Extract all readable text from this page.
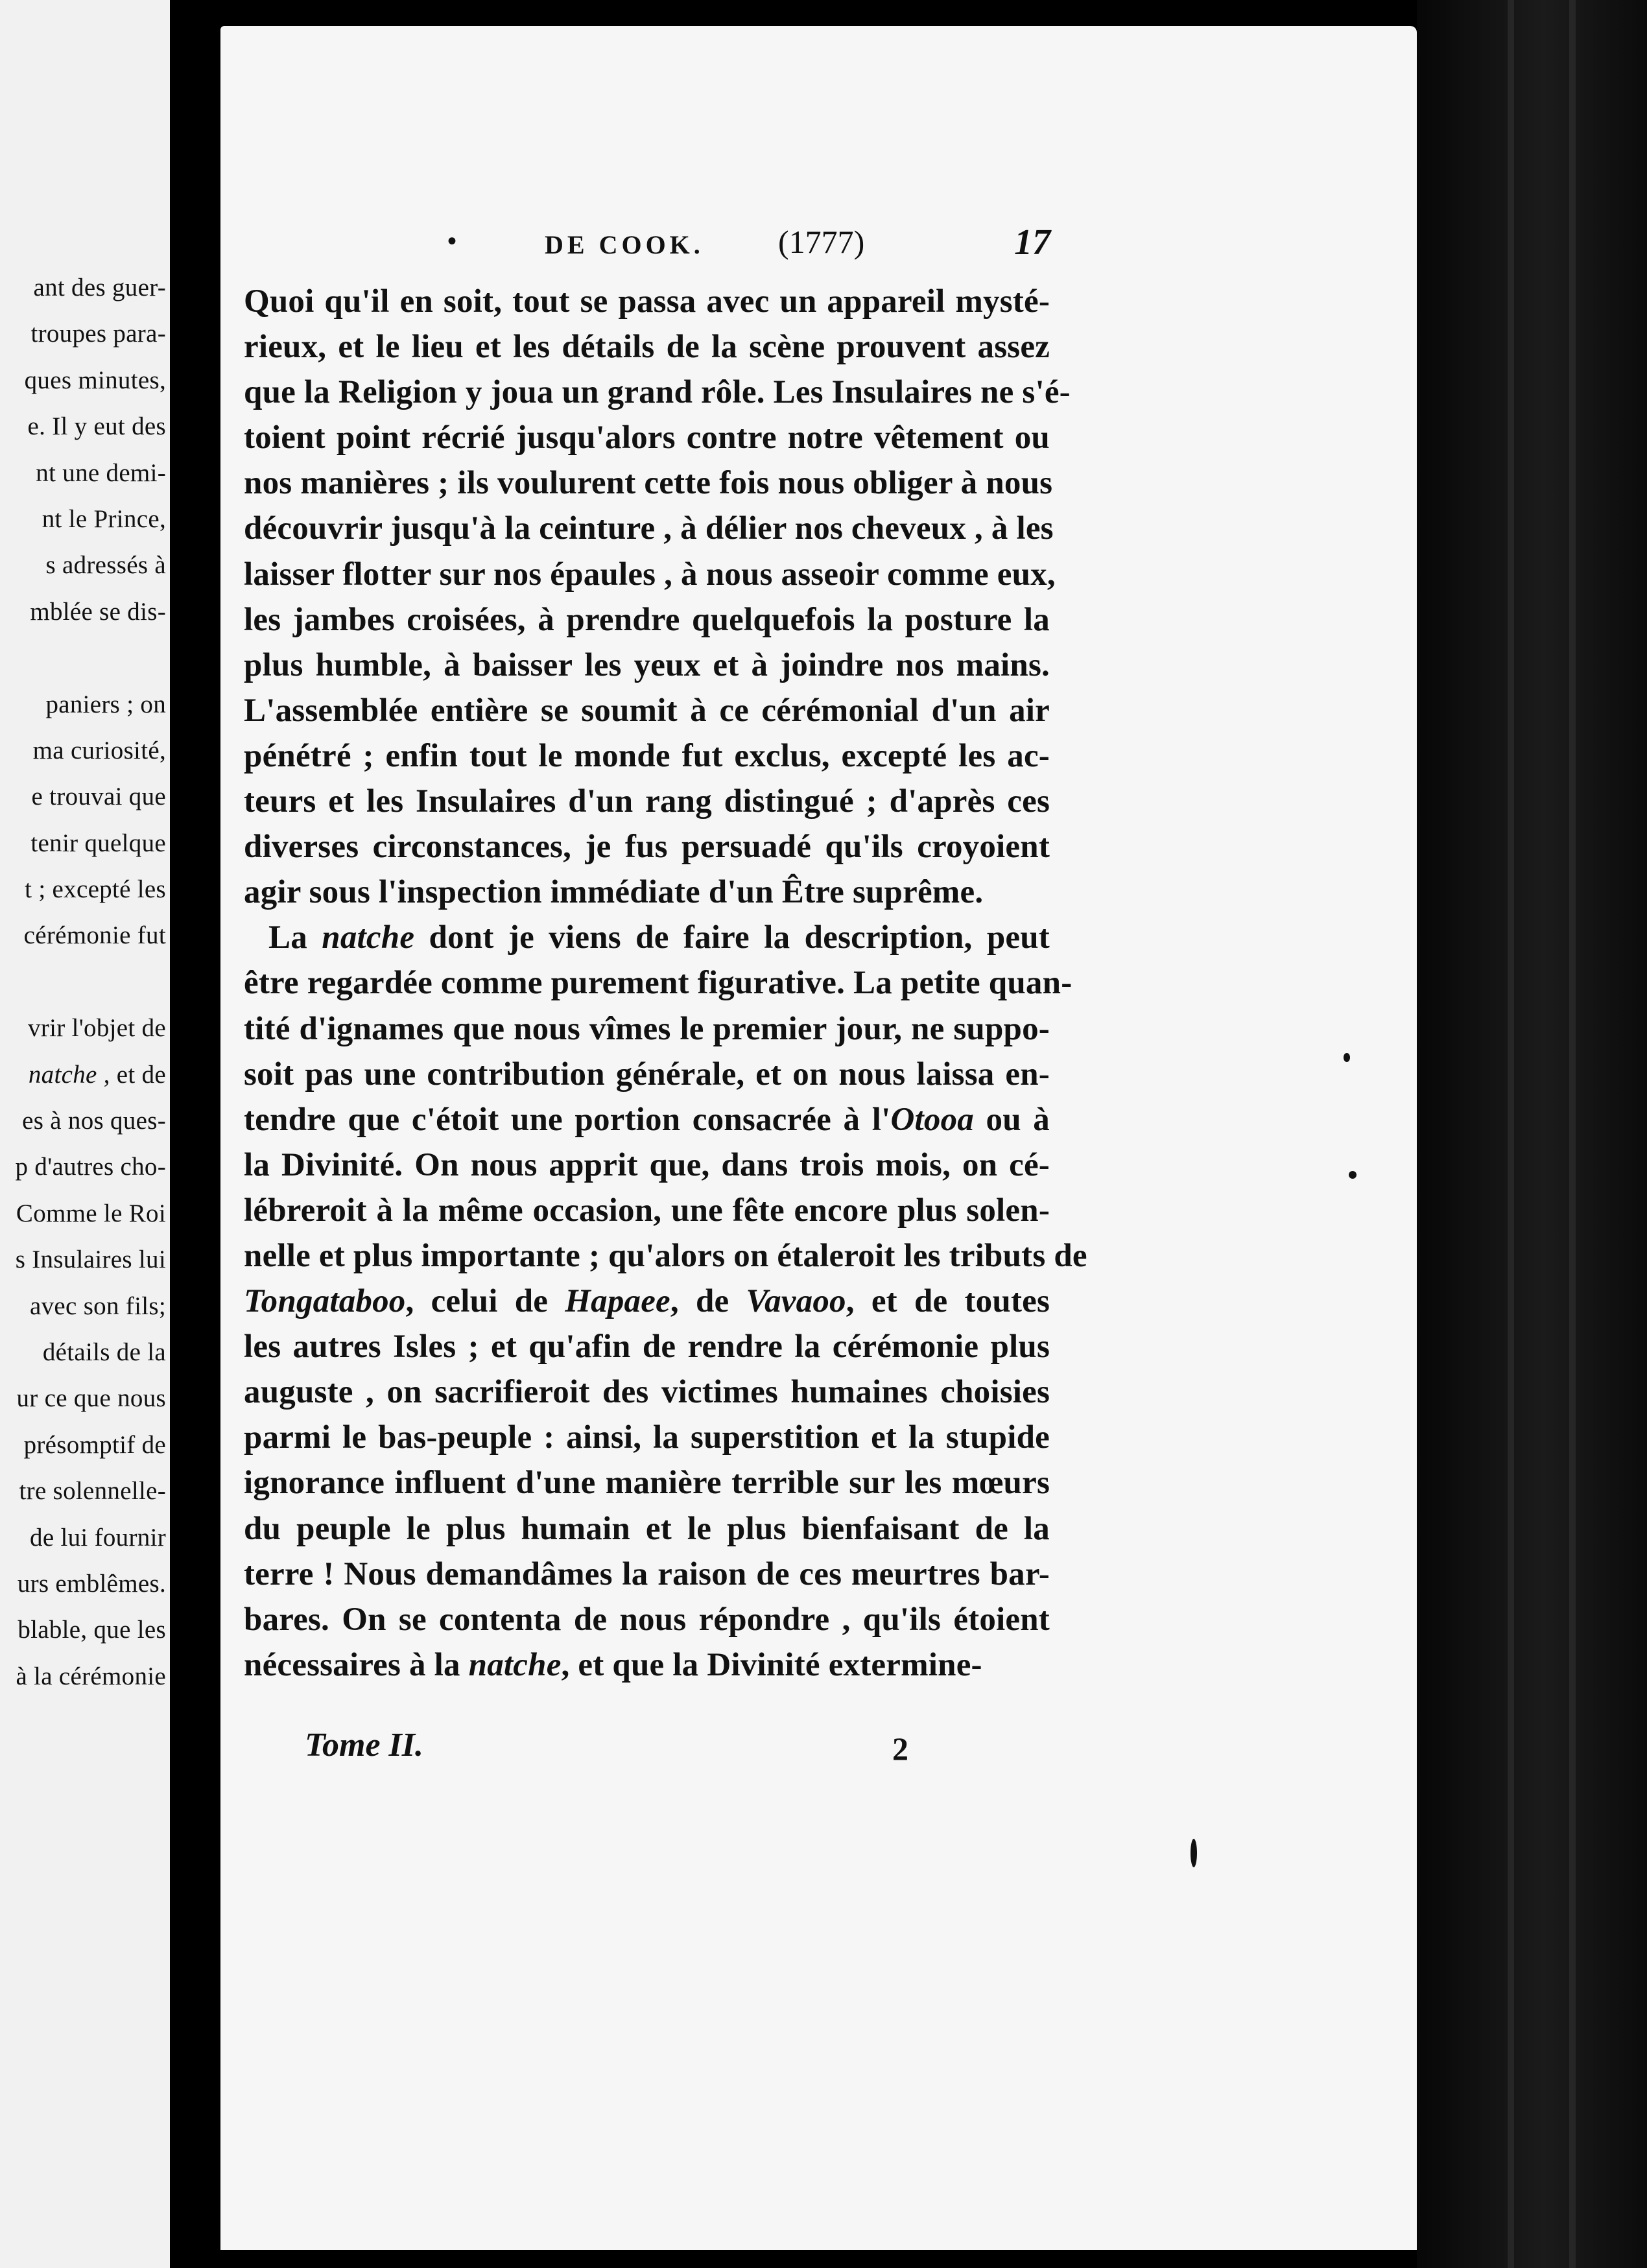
ant des guer-
troupes para-
ques minutes,
e. Il y eut des
nt une demi-
nt le Prince,
s adressés à
mblée se dis-
paniers ; on
ma curiosité,
e trouvai que
tenir quelque
t ; excepté les
cérémonie fut
vrir l'objet de
natche , et de
es à nos ques-
p d'autres cho-
Comme le Roi
s Insulaires lui
avec son fils;
détails de la
ur ce que nous
présomptif de
tre solennelle-
de lui fournir
urs emblêmes.
blable, que les
à la cérémonie
•	DE COOK. (1777)	17
Quoi qu'il en soit, tout se passa avec un appareil mysté-
rieux, et le lieu et les détails de la scène prouvent assez
que la Religion y joua un grand rôle. Les Insulaires ne s'é-
toient point récrié jusqu'alors contre notre vêtement ou
nos manières ; ils voulurent cette fois nous obliger à nous
découvrir jusqu'à la ceinture , à délier nos cheveux , à les
laisser flotter sur nos épaules , à nous asseoir comme eux,
les jambes croisées, à prendre quelquefois la posture la
plus humble, à baisser les yeux et à joindre nos mains.
L'assemblée entière se soumit à ce cérémonial d'un air
pénétré ; enfin tout le monde fut exclus, excepté les ac-
teurs et les Insulaires d'un rang distingué ; d'après ces
diverses circonstances, je fus persuadé qu'ils croyoient
agir sous l'inspection immédiate d'un Être suprême.
La natche dont je viens de faire la description, peut
être regardée comme purement figurative. La petite quan-
tité d'ignames que nous vîmes le premier jour, ne suppo-
soit pas une contribution générale, et on nous laissa en-
tendre que c'étoit une portion consacrée à l'Otooa ou à
la Divinité. On nous apprit que, dans trois mois, on cé-
lébreroit à la même occasion, une fête encore plus solen-
nelle et plus importante ; qu'alors on étaleroit les tributs de
Tongataboo, celui de Hapaee, de Vavaoo, et de toutes
les autres Isles ; et qu'afin de rendre la cérémonie plus
auguste , on sacrifieroit des victimes humaines choisies
parmi le bas-peuple : ainsi, la superstition et la stupide
ignorance influent d'une manière terrible sur les mœurs
du peuple le plus humain et le plus bienfaisant de la
terre ! Nous demandâmes la raison de ces meurtres bar-
bares. On se contenta de nous répondre , qu'ils étoient
nécessaires à la natche, et que la Divinité extermine-
Tome II.	2
